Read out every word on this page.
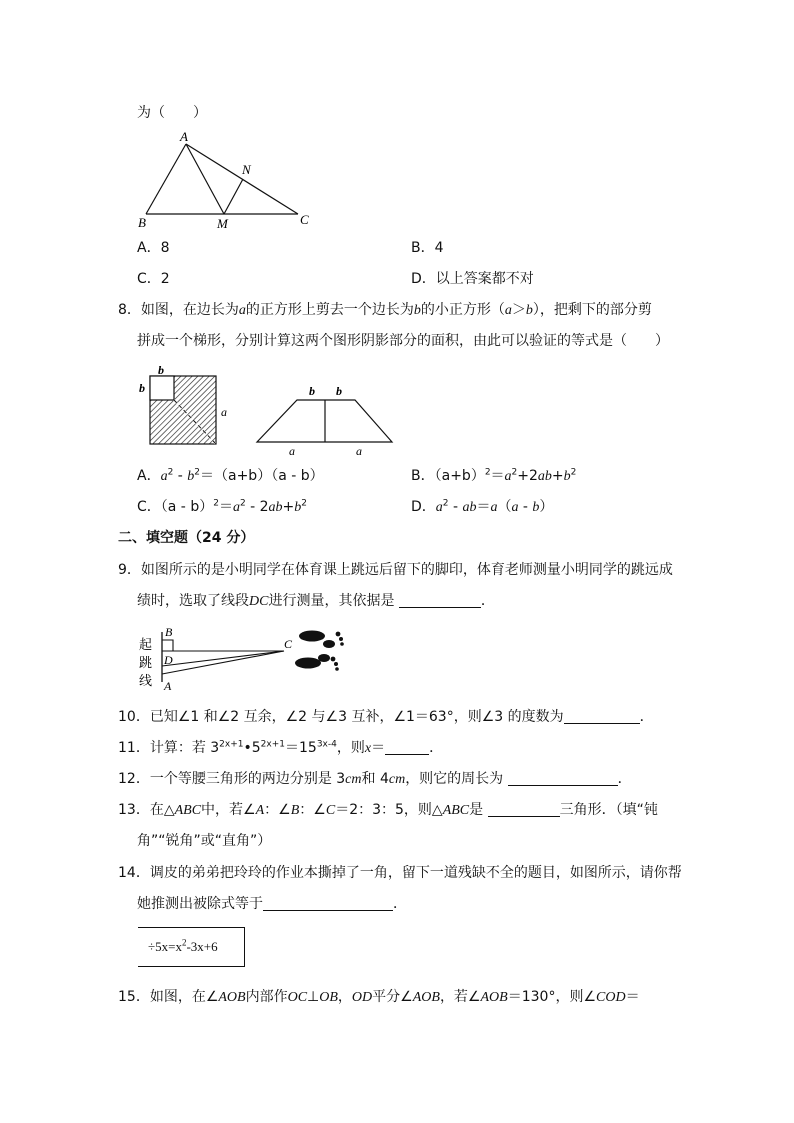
为（　　）
A
N
B	M	C
A．8	B．4
C．2	D．以上答案都不对
8．如图，在边长为a的正方形上剪去一个边长为b的小正方形（a＞b），把剩下的部分剪
拼成一个梯形，分别计算这两个图形阴影部分的面积，由此可以验证的等式是（　　）
b
b
a
b b
a	a
A．$a^2 - b^2=(a+b)(a - b)$	B．$(a+b)^2=a^2+2ab+b^2$
C．$(a - b)^2=a^2 - 2ab+b^2$	D．$a^2 - ab=a(a - b)$
二、填空题（24 分）
9．如图所示的是小明同学在体育课上跳远后留下的脚印，体育老师测量小明同学的跳远成
绩时，选取了线段DC进行测量，其依据是	．
起
跳
线
B
D
A
C
10．已知∠1 和∠2 互余，∠2 与∠3 互补，∠1＝63°，则∠3 的度数为	．
11．计算：若 $3^{2x+1}•5^{2x+1}=15^{3x-4}$，则x＝	．
12．一个等腰三角形的两边分别是 3cm和 4cm，则它的周长为	．
13．在△ABC中，若∠A：∠B：∠C＝2：3：5，则△ABC是	三角形．（填“钝
角”“锐角”或“直角”）
14．调皮的弟弟把玲玲的作业本撕掉了一角，留下一道残缺不全的题目，如图所示，请你帮
她推测出被除式等于	．
$\div 5x=x^2-3x+6$
15．如图，在∠AOB内部作OC⊥OB，OD平分∠AOB，若∠AOB＝130°，则∠COD＝
